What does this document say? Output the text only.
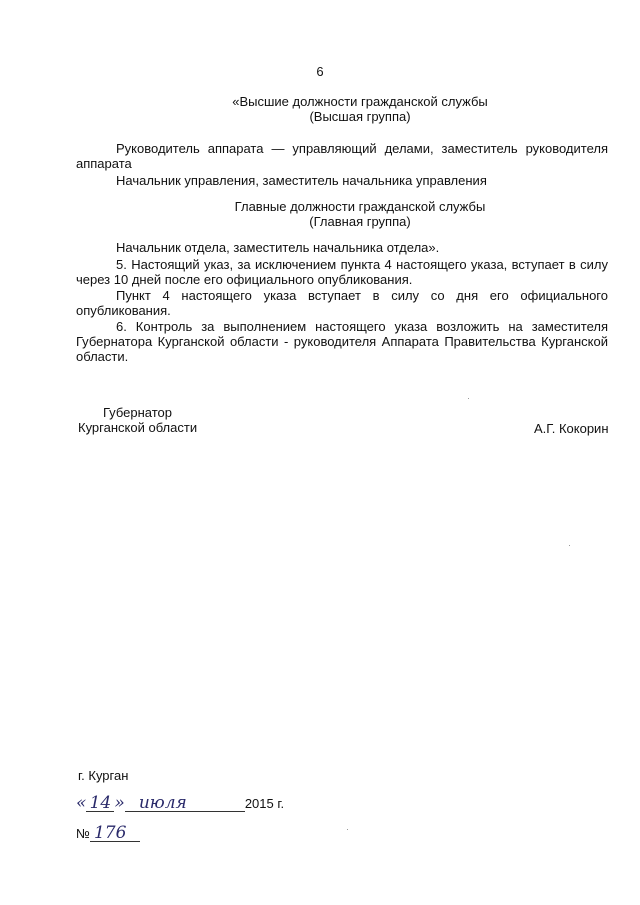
6
«Высшие должности гражданской службы
(Высшая группа)
Руководитель аппарата — управляющий делами, заместитель руководителя
аппарата
Начальник управления, заместитель начальника управления
Главные должности гражданской службы
(Главная группа)
Начальник отдела, заместитель начальника отдела».
5. Настоящий указ, за исключением пункта 4 настоящего указа, вступает в силу
через 10 дней после его официального опубликования.
Пункт 4 настоящего указа вступает в силу со дня его официального
опубликования.
6. Контроль за выполнением настоящего указа возложить на заместителя
Губернатора Курганской области - руководителя Аппарата Правительства Курганской
области.
Губернатор
Курганской области	А.Г. Кокорин
г. Курган
« 14 » июля	2015 г.
№ 176
